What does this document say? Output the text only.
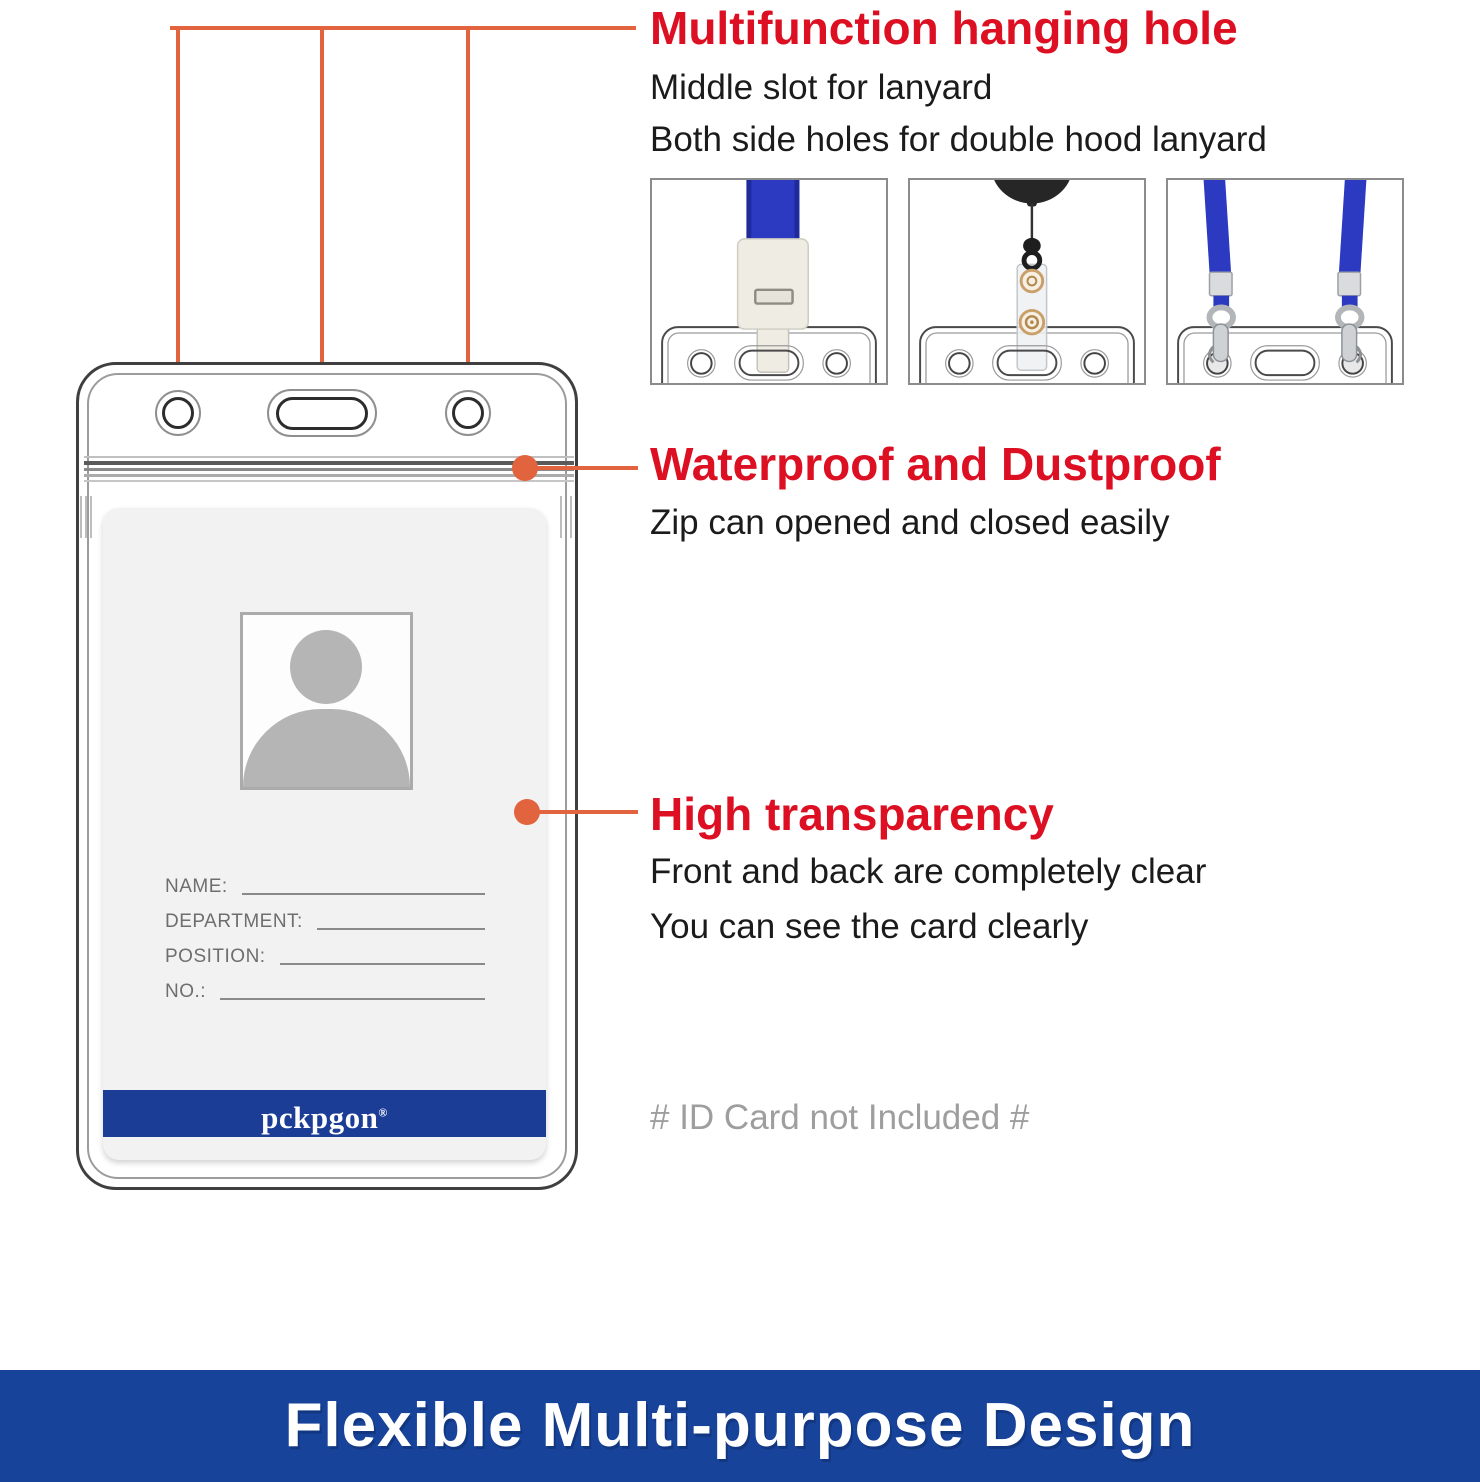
NAME:
DEPARTMENT:
POSITION:
NO.:
pckpgon®
Multifunction hanging hole
Middle slot for lanyard
Both side holes for double hood lanyard
Waterproof and Dustproof
Zip can opened and closed easily
High transparency
Front and back are completely clear
You can see the card clearly
# ID Card not Included #
Flexible Multi-purpose Design
